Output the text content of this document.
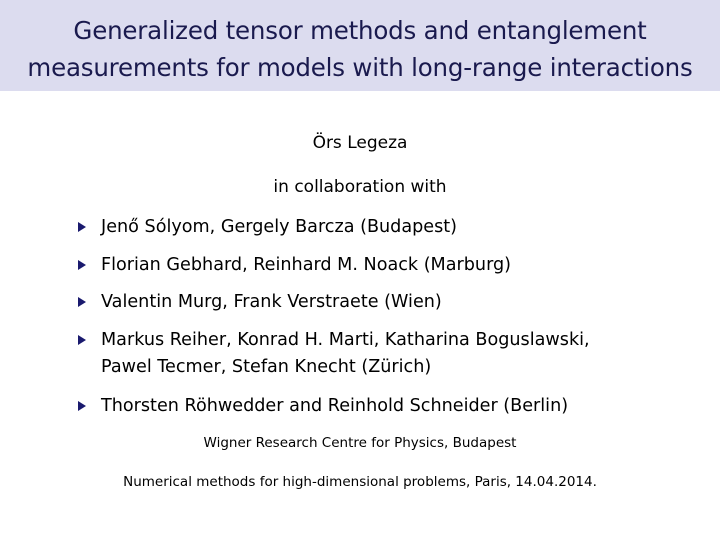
Generalized tensor methods and entanglement
measurements for models with long-range interactions
Örs Legeza
in collaboration with
Jenő Sólyom, Gergely Barcza (Budapest)
Florian Gebhard, Reinhard M. Noack (Marburg)
Valentin Murg, Frank Verstraete (Wien)
Markus Reiher, Konrad H. Marti, Katharina Boguslawski,
Pawel Tecmer, Stefan Knecht (Zürich)
Thorsten Röhwedder and Reinhold Schneider (Berlin)
Wigner Research Centre for Physics, Budapest
Numerical methods for high-dimensional problems, Paris, 14.04.2014.
